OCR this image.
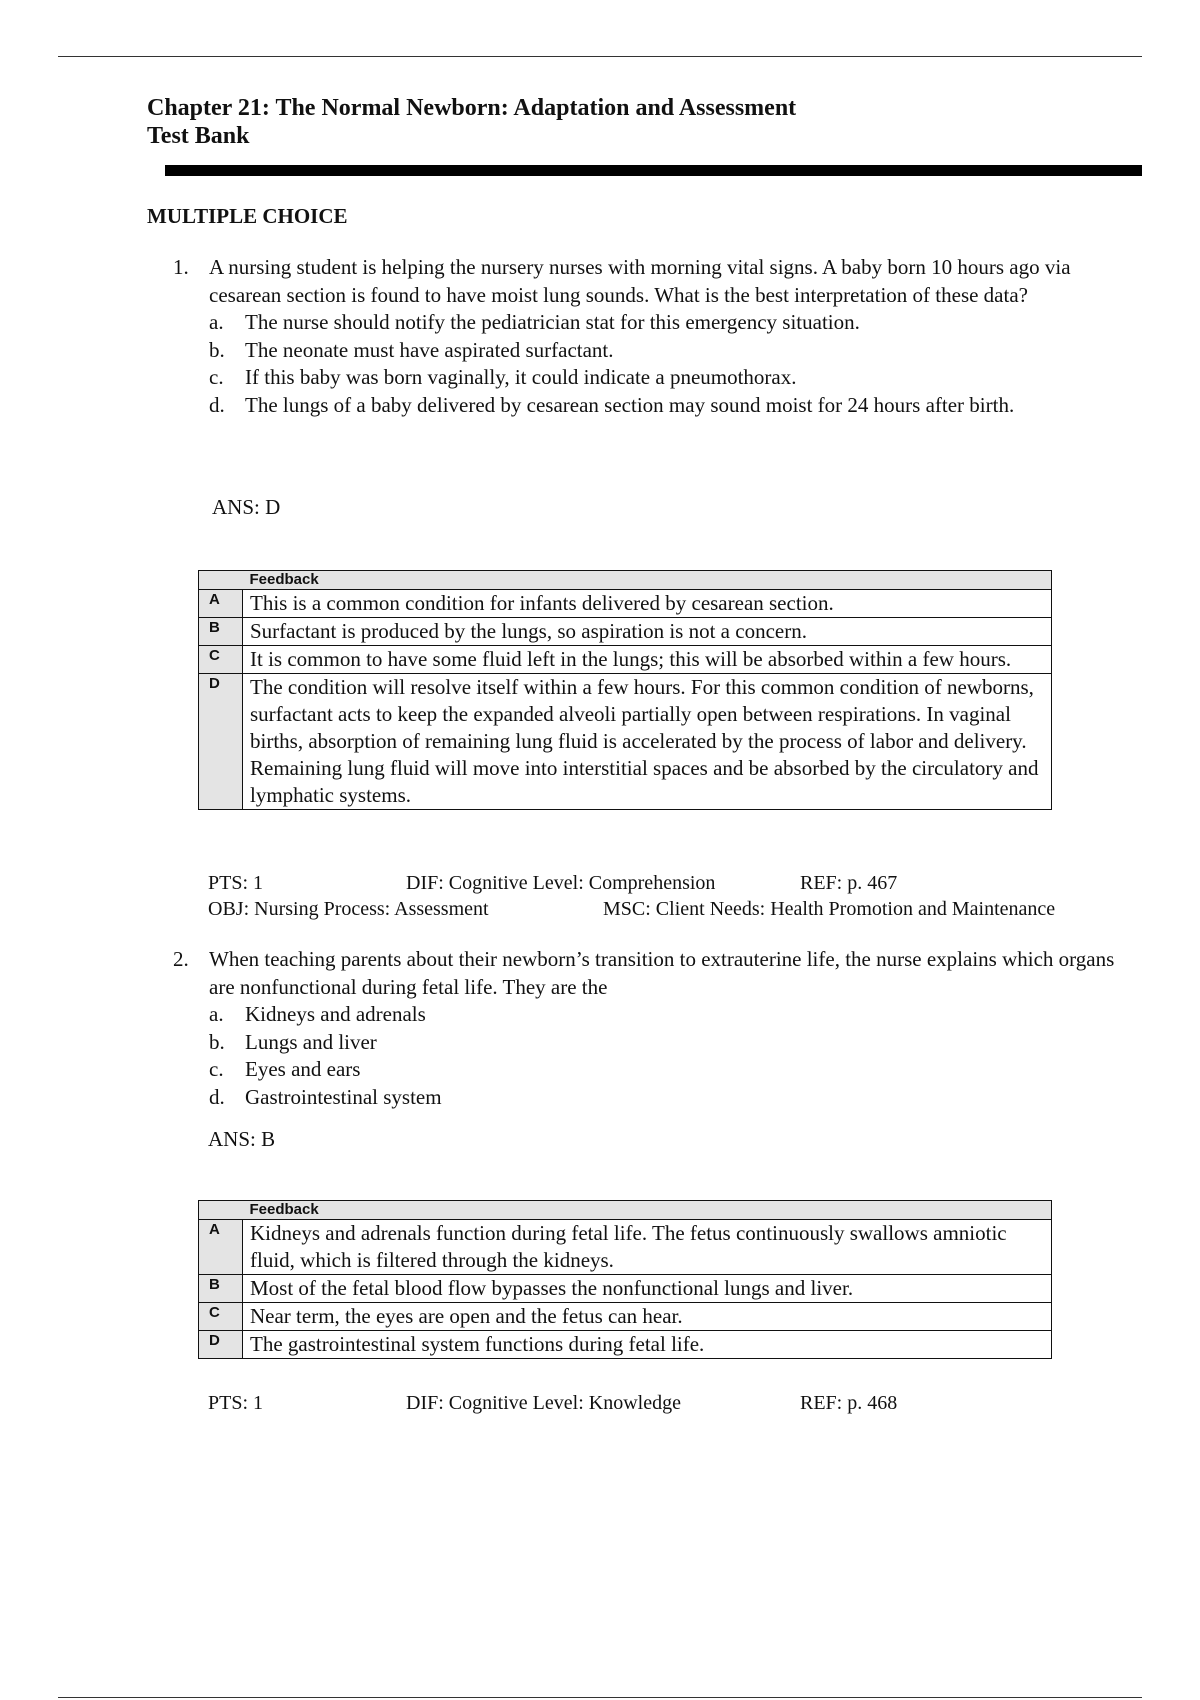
Chapter 21: The Normal Newborn: Adaptation and Assessment
Test Bank
MULTIPLE CHOICE
1. A nursing student is helping the nursery nurses with morning vital signs. A baby born 10 hours ago via cesarean section is found to have moist lung sounds. What is the best interpretation of these data?
a. The nurse should notify the pediatrician stat for this emergency situation.
b. The neonate must have aspirated surfactant.
c. If this baby was born vaginally, it could indicate a pneumothorax.
d. The lungs of a baby delivered by cesarean section may sound moist for 24 hours after birth.
ANS: D
	Feedback
A	This is a common condition for infants delivered by cesarean section.
B	Surfactant is produced by the lungs, so aspiration is not a concern.
C	It is common to have some fluid left in the lungs; this will be absorbed within a few hours.
D	The condition will resolve itself within a few hours. For this common condition of newborns, surfactant acts to keep the expanded alveoli partially open between respirations. In vaginal births, absorption of remaining lung fluid is accelerated by the process of labor and delivery. Remaining lung fluid will move into interstitial spaces and be absorbed by the circulatory and lymphatic systems.
PTS: 1	DIF: Cognitive Level: Comprehension	REF: p. 467
OBJ: Nursing Process: Assessment	MSC: Client Needs: Health Promotion and Maintenance
2. When teaching parents about their newborn’s transition to extrauterine life, the nurse explains which organs are nonfunctional during fetal life. They are the
a. Kidneys and adrenals
b. Lungs and liver
c. Eyes and ears
d. Gastrointestinal system
ANS: B
	Feedback
A	Kidneys and adrenals function during fetal life. The fetus continuously swallows amniotic fluid, which is filtered through the kidneys.
B	Most of the fetal blood flow bypasses the nonfunctional lungs and liver.
C	Near term, the eyes are open and the fetus can hear.
D	The gastrointestinal system functions during fetal life.
PTS: 1	DIF: Cognitive Level: Knowledge	REF: p. 468
